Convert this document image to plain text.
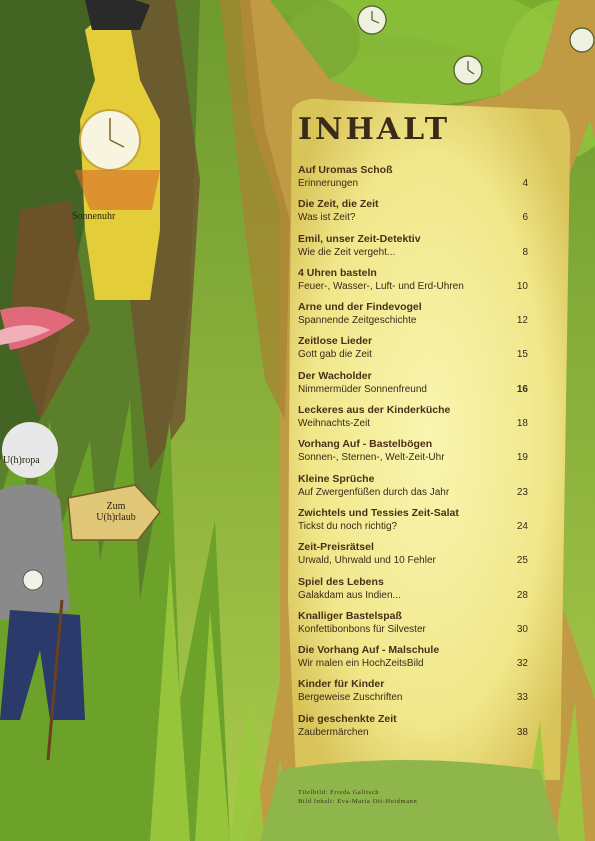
Sonnenuhr
U(h)ropa
Zum
U(h)rlaub
INHALT
Auf Uromas Schoß
Erinnerungen	4
Die Zeit, die Zeit
Was ist Zeit?	6
Emil, unser Zeit-Detektiv
Wie die Zeit vergeht...	8
4 Uhren basteln
Feuer-, Wasser-, Luft- und Erd-Uhren	10
Arne und der Findevogel
Spannende Zeitgeschichte	12
Zeitlose Lieder
Gott gab die Zeit	15
Der Wacholder
Nimmermüder Sonnenfreund	16
Leckeres aus der Kinderküche
Weihnachts-Zeit	18
Vorhang Auf - Bastelbögen
Sonnen-, Sternen-, Welt-Zeit-Uhr	19
Kleine Sprüche
Auf Zwergenfüßen durch das Jahr	23
Zwichtels und Tessies Zeit-Salat
Tickst du noch richtig?	24
Zeit-Preisrätsel
Urwald, Uhrwald und 10 Fehler	25
Spiel des Lebens
Galakdam aus Indien...	28
Knalliger Bastelspaß
Konfettibonbons für Silvester	30
Die Vorhang Auf - Malschule
Wir malen ein HochZeitsBild	32
Kinder für Kinder
Bergeweise Zuschriften	33
Die geschenkte Zeit
Zaubermärchen	38
Titelbild: Frieda Galitsch
Bild Inhalt: Eva-Maria Ott-Heidmann
